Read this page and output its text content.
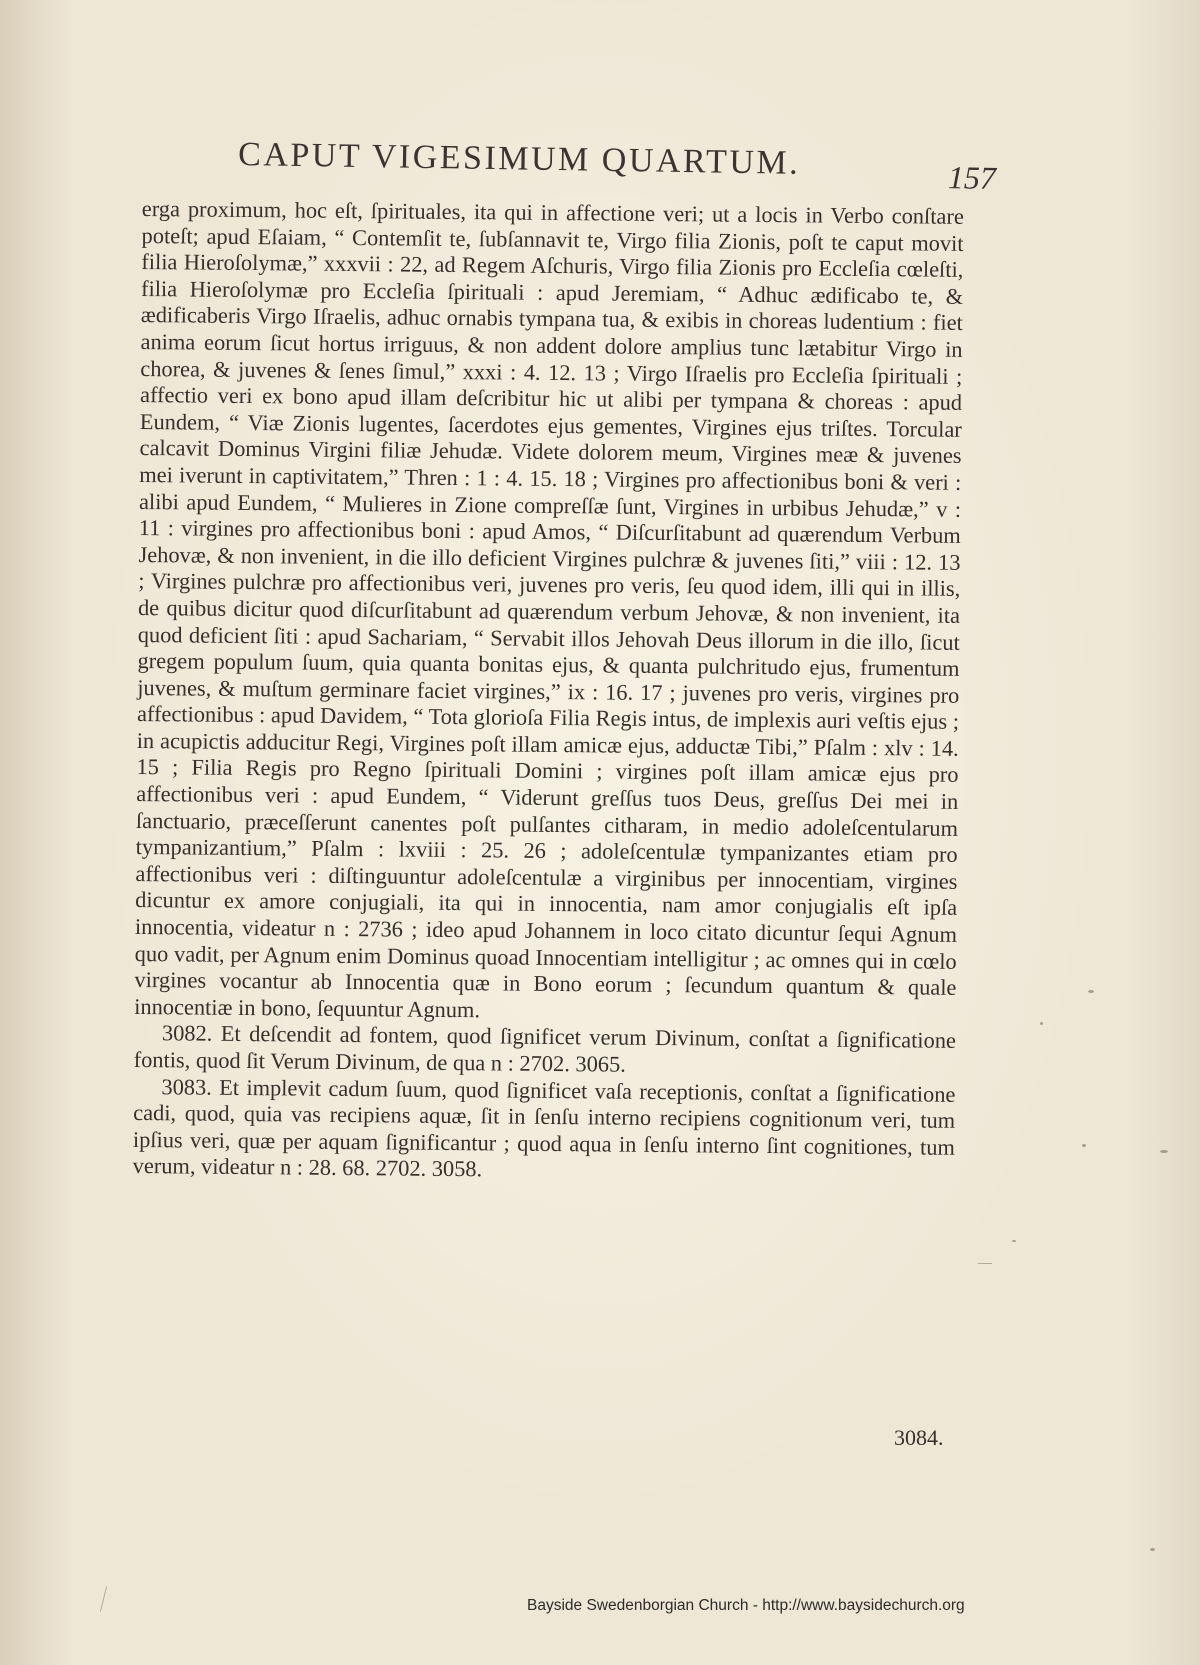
CAPUT VIGESIMUM QUARTUM.	157

erga proximum, hoc eſt, ſpirituales, ita qui in affectione veri; ut a locis in Verbo conſtare poteſt; apud Eſaiam, “ Contemſit te, ſubſannavit te, Virgo filia Zionis, poſt te caput movit filia Hieroſolymæ,” xxxvii : 22, ad Regem Aſchuris, Virgo filia Zionis pro Eccleſia cœleſti, filia Hieroſolymæ pro Eccleſia ſpirituali : apud Jeremiam, “ Adhuc ædificabo te, & ædificaberis Virgo Iſraelis, adhuc ornabis tympana tua, & exibis in choreas ludentium : fiet anima eorum ſicut hortus irriguus, & non addent dolore amplius tunc lætabitur Virgo in chorea, & juvenes & ſenes ſimul,” xxxi : 4. 12. 13 ; Virgo Iſraelis pro Eccleſia ſpirituali ; affectio veri ex bono apud illam deſcribitur hic ut alibi per tympana & choreas : apud Eundem, “ Viæ Zionis lugentes, ſacerdotes ejus gementes, Virgines ejus triſtes. Torcular calcavit Dominus Virgini filiæ Jehudæ. Videte dolorem meum, Virgines meæ & juvenes mei iverunt in captivitatem,” Thren : 1 : 4. 15. 18 ; Virgines pro affectionibus boni & veri : alibi apud Eundem, “ Mulieres in Zione compreſſæ ſunt, Virgines in urbibus Jehudæ,” v : 11 : virgines pro affectionibus boni : apud Amos, “ Diſcurſitabunt ad quærendum Verbum Jehovæ, & non invenient, in die illo deficient Virgines pulchræ & juvenes ſiti,” viii : 12. 13 ; Virgines pulchræ pro affectionibus veri, juvenes pro veris, ſeu quod idem, illi qui in illis, de quibus dicitur quod diſcurſitabunt ad quærendum verbum Jehovæ, & non invenient, ita quod deficient ſiti : apud Sachariam, “ Servabit illos Jehovah Deus illorum in die illo, ſicut gregem populum ſuum, quia quanta bonitas ejus, & quanta pulchritudo ejus, frumentum juvenes, & muſtum germinare faciet virgines,” ix : 16. 17 ; juvenes pro veris, virgines pro affectionibus : apud Davidem, “ Tota glorioſa Filia Regis intus, de implexis auri veſtis ejus ; in acupictis adducitur Regi, Virgines poſt illam amicæ ejus, adductæ Tibi,” Pſalm : xlv : 14. 15 ; Filia Regis pro Regno ſpirituali Domini ; virgines poſt illam amicæ ejus pro affectionibus veri : apud Eundem, “ Viderunt greſſus tuos Deus, greſſus Dei mei in ſanctuario, præceſſerunt canentes poſt pulſantes citharam, in medio adoleſcentularum tympanizantium,” Pſalm : lxviii : 25. 26 ; adoleſcentulæ tympanizantes etiam pro affectionibus veri : diſtinguuntur adoleſcentulæ a virginibus per innocentiam, virgines dicuntur ex amore conjugiali, ita qui in innocentia, nam amor conjugialis eſt ipſa innocentia, videatur n : 2736 ; ideo apud Johannem in loco citato dicuntur ſequi Agnum quo vadit, per Agnum enim Dominus quoad Innocentiam intelligitur ; ac omnes qui in cœlo virgines vocantur ab Innocentia quæ in Bono eorum ; ſecundum quantum & quale innocentiæ in bono, ſequuntur Agnum.

3082. Et deſcendit ad fontem, quod ſignificet verum Divinum, conſtat a ſignificatione fontis, quod ſit Verum Divinum, de qua n : 2702. 3065.

3083. Et implevit cadum ſuum, quod ſignificet vaſa receptionis, conſtat a ſignificatione cadi, quod, quia vas recipiens aquæ, ſit in ſenſu interno recipiens cognitionum veri, tum ipſius veri, quæ per aquam ſignificantur ; quod aqua in ſenſu interno ſint cognitiones, tum verum, videatur n : 28. 68. 2702. 3058.

3084.
Bayside Swedenborgian Church - http://www.baysidechurch.org
